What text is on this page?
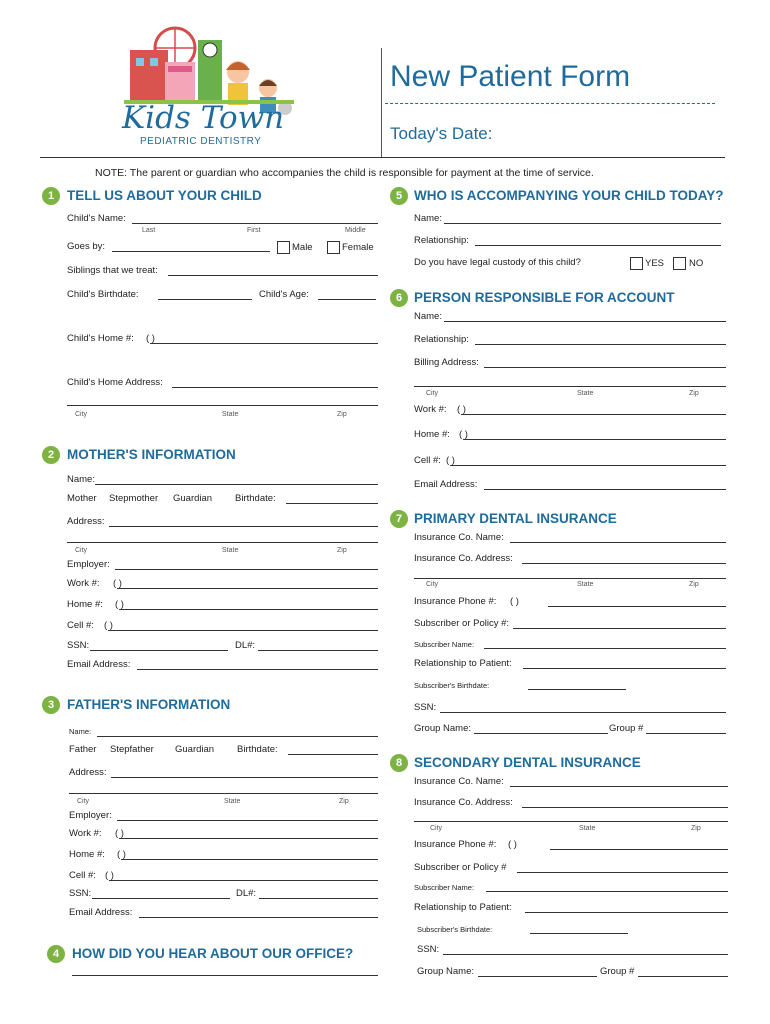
Kids Town
PEDIATRIC DENTISTRY
New Patient Form
Today's Date:
NOTE: The parent or guardian who accompanies the child is responsible for payment at the time of service.
1 TELL US ABOUT YOUR CHILD
Child's Name:
Last	First	Middle
Goes by:	Male	Female
Siblings that we treat:
Child's Birthdate:	Child's Age:
Child's Home #: ( )
Child's Home Address:
City	State	Zip
2 MOTHER'S INFORMATION
Name:
Mother Stepmother Guardian Birthdate:
Address:
City	State	Zip
Employer:
Work #: ( )
Home #: ( )
Cell #: ( )
SSN:	DL#:
Email Address:
3 FATHER'S INFORMATION
Name:
Father Stepfather Guardian Birthdate:
Address:
City	State	Zip
Employer:
Work #: ( )
Home #: ( )
Cell #: ( )
SSN:	DL#:
Email Address:
4 HOW DID YOU HEAR ABOUT OUR OFFICE?
5 WHO IS ACCOMPANYING YOUR CHILD TODAY?
Name:
Relationship:
Do you have legal custody of this child?	YES	NO
6 PERSON RESPONSIBLE FOR ACCOUNT
Name:
Relationship:
Billing Address:
City	State	Zip
Work #: ( )
Home #: ( )
Cell #: ( )
Email Address:
7 PRIMARY DENTAL INSURANCE
Insurance Co. Name:
Insurance Co. Address:
City	State	Zip
Insurance Phone #: ( )
Subscriber or Policy #:
Subscriber Name:
Relationship to Patient:
Subscriber's Birthdate:
SSN:
Group Name:	Group #
8 SECONDARY DENTAL INSURANCE
Insurance Co. Name:
Insurance Co. Address:
City	State	Zip
Insurance Phone #: ( )
Subscriber or Policy #
Subscriber Name:
Relationship to Patient:
Subscriber's Birthdate:
SSN:
Group Name:	Group #
